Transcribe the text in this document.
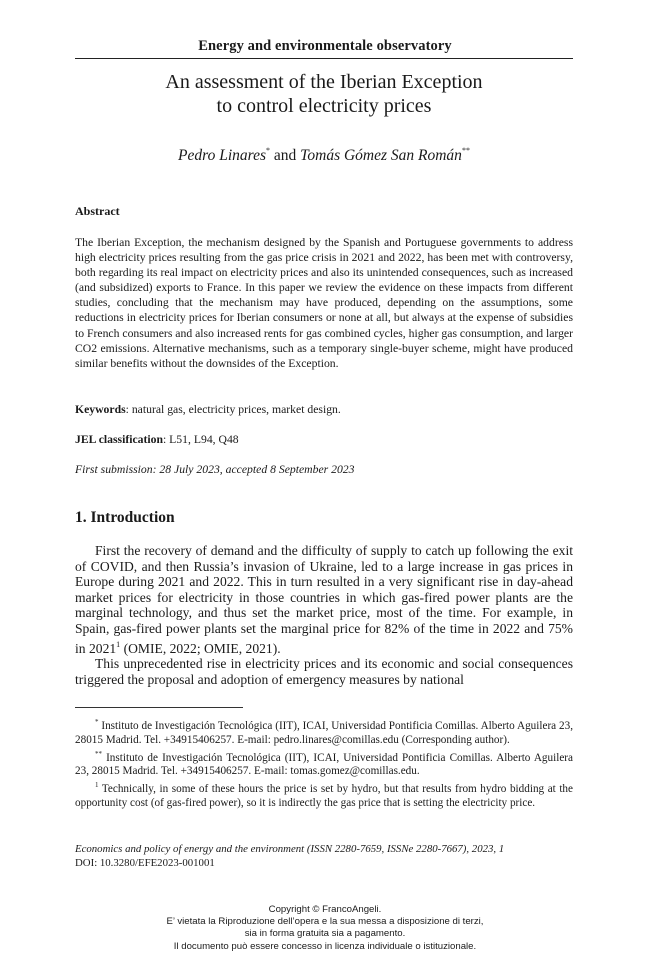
Energy and environmentale observatory
An assessment of the Iberian Exception
to control electricity prices
Pedro Linares* and Tomás Gómez San Román**
Abstract
The Iberian Exception, the mechanism designed by the Spanish and Portuguese governments to address high electricity prices resulting from the gas price crisis in 2021 and 2022, has been met with controversy, both regarding its real impact on electricity prices and also its unintended consequences, such as increased (and subsidized) exports to France. In this paper we review the evidence on these impacts from different studies, concluding that the mechanism may have produced, depending on the assumptions, some reductions in electricity prices for Iberian consumers or none at all, but always at the expense of subsidies to French consumers and also increased rents for gas combined cycles, higher gas consumption, and larger CO2 emissions. Alternative mechanisms, such as a temporary single-buyer scheme, might have produced similar benefits without the downsides of the Exception.
Keywords: natural gas, electricity prices, market design.
JEL classification: L51, L94, Q48
First submission: 28 July 2023, accepted 8 September 2023
1. Introduction

First the recovery of demand and the difficulty of supply to catch up following the exit of COVID, and then Russia’s invasion of Ukraine, led to a large increase in gas prices in Europe during 2021 and 2022. This in turn resulted in a very significant rise in day-ahead market prices for electricity in those countries in which gas-fired power plants are the marginal technology, and thus set the market price, most of the time. For example, in Spain, gas-fired power plants set the marginal price for 82% of the time in 2022 and 75% in 2021$^1$ (OMIE, 2022; OMIE, 2021).

This unprecedented rise in electricity prices and its economic and social consequences triggered the proposal and adoption of emergency measures by national

* Instituto de Investigación Tecnológica (IIT), ICAI, Universidad Pontificia Comillas. Alberto Aguilera 23, 28015 Madrid. Tel. +34915406257. E-mail: pedro.linares@comillas.edu (Corresponding author).

** Instituto de Investigación Tecnológica (IIT), ICAI, Universidad Pontificia Comillas. Alberto Aguilera 23, 28015 Madrid. Tel. +34915406257. E-mail: tomas.gomez@comillas.edu.

$^1$ Technically, in some of these hours the price is set by hydro, but that results from hydro bidding at the opportunity cost (of gas-fired power), so it is indirectly the gas price that is setting the electricity price.

Economics and policy of energy and the environment (ISSN 2280-7659, ISSNe 2280-7667), 2023, 1
DOI: 10.3280/EFE2023-001001
Copyright © FrancoAngeli.
E’ vietata la Riproduzione dell’opera e la sua messa a disposizione di terzi,
sia in forma gratuita sia a pagamento.
Il documento può essere concesso in licenza individuale o istituzionale.
